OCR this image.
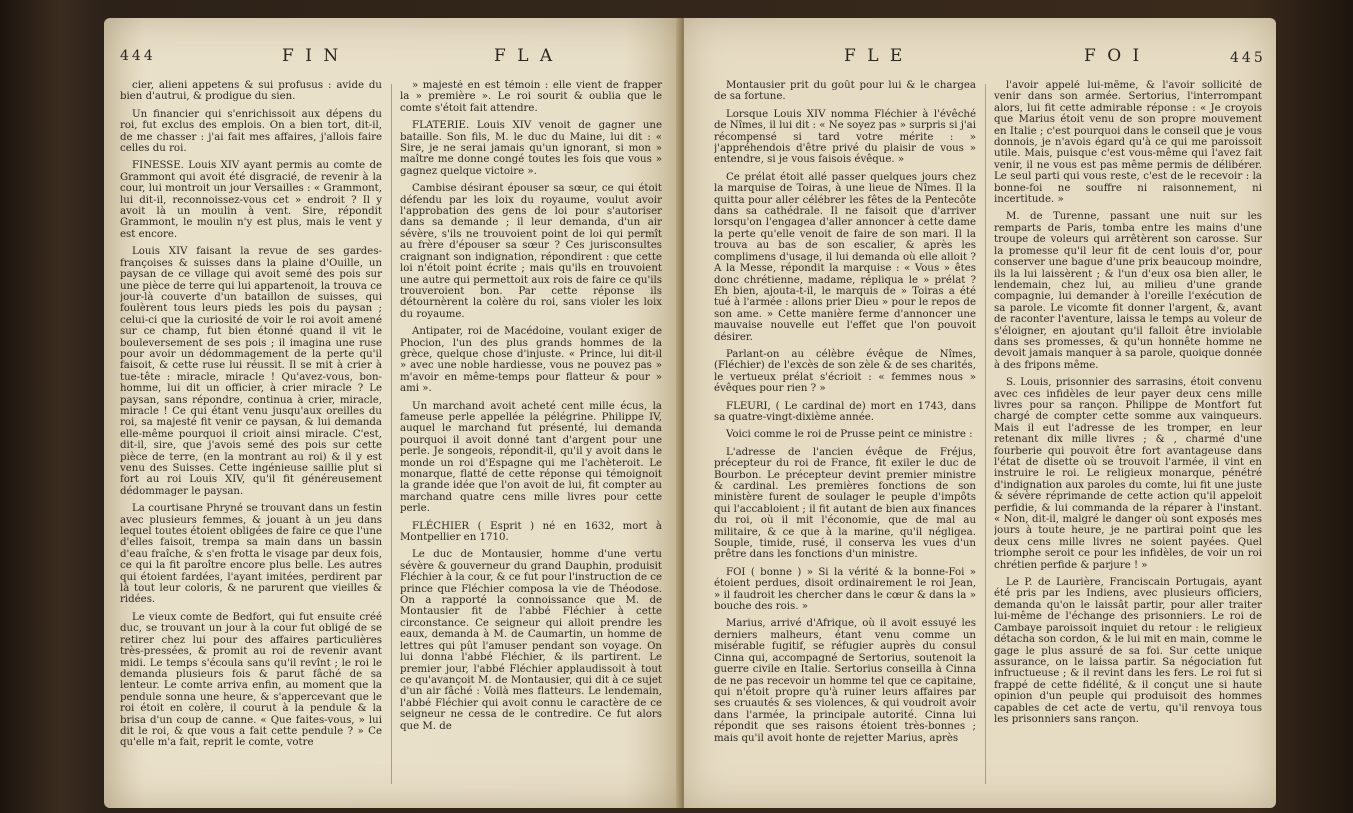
444	F I N	F L A

cier, alieni appetens & sui profusus : avide du bien d'autrui, & prodigue du sien.

Un financier qui s'enrichissoit aux dépens du roi, fut exclus des emplois. On a bien tort, dit-il, de me chasser : j'ai fait mes affaires, j'allois faire celles du roi.

FINESSE. Louis XIV ayant permis au comte de Grammont qui avoit été disgracié, de revenir à la cour, lui montroit un jour Versailles : « Grammont, lui dit-il, reconnoissez-vous cet » endroit ? Il y avoit là un moulin à vent. Sire, répondit Grammont, le moulin n'y est plus, mais le vent y est encore.

Louis XIV faisant la revue de ses gardes-françoises & suisses dans la plaine d'Ouille, un paysan de ce village qui avoit semé des pois sur une pièce de terre qui lui appartenoit, la trouva ce jour-là couverte d'un bataillon de suisses, qui foulèrent tous leurs pieds les pois du paysan ; celui-ci que la curiosité de voir le roi avoit amené sur ce champ, fut bien étonné quand il vit le bouleversement de ses pois ; il imagina une ruse pour avoir un dédommagement de la perte qu'il faisoit, & cette ruse lui réussit. Il se mit à crier à tue-tête : miracle, miracle ! Qu'avez-vous, bon-homme, lui dit un officier, à crier miracle ? Le paysan, sans répondre, continua à crier, miracle, miracle ! Ce qui étant venu jusqu'aux oreilles du roi, sa majesté fit venir ce paysan, & lui demanda elle-même pourquoi il crioit ainsi miracle. C'est, dit-il, sire, que j'avois semé des pois sur cette pièce de terre, (en la montrant au roi) & il y est venu des Suisses. Cette ingénieuse saillie plut si fort au roi Louis XIV, qu'il fit généreusement dédommager le paysan.

La courtisane Phryné se trouvant dans un festin avec plusieurs femmes, & jouant à un jeu dans lequel toutes étoient obligées de faire ce que l'une d'elles faisoit, trempa sa main dans un bassin d'eau fraîche, & s'en frotta le visage par deux fois, ce qui la fit paroître encore plus belle. Les autres qui étoient fardées, l'ayant imitées, perdirent par là tout leur coloris, & ne parurent que vieilles & ridées.

Le vieux comte de Bedfort, qui fut ensuite créé duc, se trouvant un jour à la cour fut obligé de se retirer chez lui pour des affaires particulières très-pressées, & promit au roi de revenir avant midi. Le temps s'écoula sans qu'il revînt ; le roi le demanda plusieurs fois & parut fâché de sa lenteur. Le comte arriva enfin, au moment que la pendule sonna une heure, & s'appercevant que le roi étoit en colère, il courut à la pendule & la brisa d'un coup de canne. « Que faites-vous, » lui dit le roi, & que vous a fait cette pendule ? » Ce qu'elle m'a fait, reprit le comte, votre

» majesté en est témoin : elle vient de frapper la » première ». Le roi sourit & oublia que le comte s'étoit fait attendre.

FLATERIE. Louis XIV venoit de gagner une bataille. Son fils, M. le duc du Maine, lui dit : « Sire, je ne serai jamais qu'un ignorant, si mon » maître me donne congé toutes les fois que vous » gagnez quelque victoire ».

Cambise désirant épouser sa sœur, ce qui étoit défendu par les loix du royaume, voulut avoir l'approbation des gens de loi pour s'autoriser dans sa demande ; il leur demanda, d'un air sévère, s'ils ne trouvoient point de loi qui permît au frère d'épouser sa sœur ? Ces jurisconsultes craignant son indignation, répondirent : que cette loi n'étoit point écrite ; mais qu'ils en trouvoient une autre qui permettoit aux rois de faire ce qu'ils trouveroient bon. Par cette réponse ils détournèrent la colère du roi, sans violer les loix du royaume.

Antipater, roi de Macédoine, voulant exiger de Phocion, l'un des plus grands hommes de la grèce, quelque chose d'injuste. « Prince, lui dit-il » avec une noble hardiesse, vous ne pouvez pas » m'avoir en même-temps pour flatteur & pour » ami ».

Un marchand avoit acheté cent mille écus, la fameuse perle appellée la pélégrine. Philippe IV, auquel le marchand fut présenté, lui demanda pourquoi il avoit donné tant d'argent pour une perle. Je songeois, répondit-il, qu'il y avoit dans le monde un roi d'Espagne qui me l'achèteroit. Le monarque, flatté de cette réponse qui témoignoit la grande idée que l'on avoit de lui, fit compter au marchand quatre cens mille livres pour cette perle.

FLÉCHIER ( Esprit ) né en 1632, mort à Montpellier en 1710.

Le duc de Montausier, homme d'une vertu sévère & gouverneur du grand Dauphin, produisit Fléchier à la cour, & ce fut pour l'instruction de ce prince que Fléchier composa la vie de Théodose. On a rapporté la connoissance que M. de Montausier fit de l'abbé Fléchier à cette circonstance. Ce seigneur qui alloit prendre les eaux, demanda à M. de Caumartin, un homme de lettres qui pût l'amuser pendant son voyage. On lui donna l'abbé Fléchier, & ils partirent. Le premier jour, l'abbé Fléchier applaudissoit à tout ce qu'avançoit M. de Montausier, qui dit à ce sujet d'un air fâché : Voilà mes flatteurs. Le lendemain, l'abbé Fléchier qui avoit connu le caractère de ce seigneur ne cessa de le contredire. Ce fut alors que M. de

F L E	F O I	445

Montausier prit du goût pour lui & le chargea de sa fortune.

Lorsque Louis XIV nomma Fléchier à l'évêché de Nîmes, il lui dit : « Ne soyez pas » surpris si j'ai récompensé si tard votre mérite : » j'appréhendois d'être privé du plaisir de vous » entendre, si je vous faisois évêque. »

Ce prélat étoit allé passer quelques jours chez la marquise de Toiras, à une lieue de Nîmes. Il la quitta pour aller célébrer les fêtes de la Pentecôte dans sa cathédrale. Il ne faisoit que d'arriver lorsqu'on l'engagea d'aller annoncer à cette dame la perte qu'elle venoit de faire de son mari. Il la trouva au bas de son escalier, & après les complimens d'usage, il lui demanda où elle alloit ? A la Messe, répondit la marquise : « Vous » êtes donc chrétienne, madame, répliqua le » prélat ? Eh bien, ajouta-t-il, le marquis de » Toiras a été tué à l'armée : allons prier Dieu » pour le repos de son ame. » Cette manière ferme d'annoncer une mauvaise nouvelle eut l'effet que l'on pouvoit désirer.

Parlant-on au célèbre évêque de Nîmes, (Fléchier) de l'excès de son zèle & de ses charités, le vertueux prélat s'écrioit : « femmes nous » évêques pour rien ? »

FLEURI, ( Le cardinal de) mort en 1743, dans sa quatre-vingt-dixième année.

Voici comme le roi de Prusse peint ce ministre :

L'adresse de l'ancien évêque de Fréjus, précepteur du roi de France, fit exiler le duc de Bourbon. Le précepteur devint premier ministre & cardinal. Les premières fonctions de son ministère furent de soulager le peuple d'impôts qui l'accabloient ; il fit autant de bien aux finances du roi, où il mit l'économie, que de mal au militaire, & ce que à la marine, qu'il négligea. Souple, timide, rusé, il conserva les vues d'un prêtre dans les fonctions d'un ministre.

FOI ( bonne ) » Si la vérité & la bonne-Foi » étoient perdues, disoit ordinairement le roi Jean, » il faudroit les chercher dans le cœur & dans la » bouche des rois. »

Marius, arrivé d'Afrique, où il avoit essuyé les derniers malheurs, étant venu comme un misérable fugitif, se réfugier auprès du consul Cinna qui, accompagné de Sertorius, soutenoit la guerre civile en Italie. Sertorius conseilla à Cinna de ne pas recevoir un homme tel que ce capitaine, qui n'étoit propre qu'à ruiner leurs affaires par ses cruautés & ses violences, & qui voudroit avoir dans l'armée, la principale autorité. Cinna lui répondit que ses raisons étoient très-bonnes ; mais qu'il avoit honte de rejetter Marius, après

l'avoir appelé lui-même, & l'avoir sollicité de venir dans son armée. Sertorius, l'interrompant alors, lui fit cette admirable réponse : « Je croyois que Marius étoit venu de son propre mouvement en Italie ; c'est pourquoi dans le conseil que je vous donnois, je n'avois égard qu'à ce qui me paroissoit utile. Mais, puisque c'est vous-même qui l'avez fait venir, il ne vous est pas même permis de délibérer. Le seul parti qui vous reste, c'est de le recevoir : la bonne-foi ne souffre ni raisonnement, ni incertitude. »

M. de Turenne, passant une nuit sur les remparts de Paris, tomba entre les mains d'une troupe de voleurs qui arrêtèrent son carosse. Sur la promesse qu'il leur fit de cent louis d'or, pour conserver une bague d'une prix beaucoup moindre, ils la lui laissèrent ; & l'un d'eux osa bien aller, le lendemain, chez lui, au milieu d'une grande compagnie, lui demander à l'oreille l'exécution de sa parole. Le vicomte fit donner l'argent, &, avant de raconter l'aventure, laissa le temps au voleur de s'éloigner, en ajoutant qu'il falloit être inviolable dans ses promesses, & qu'un honnête homme ne devoit jamais manquer à sa parole, quoique donnée à des fripons même.

S. Louis, prisonnier des sarrasins, étoit convenu avec ces infidèles de leur payer deux cens mille livres pour sa rançon. Philippe de Montfort fut chargé de compter cette somme aux vainqueurs. Mais il eut l'adresse de les tromper, en leur retenant dix mille livres ; & , charmé d'une fourberie qui pouvoit être fort avantageuse dans l'état de disette où se trouvoit l'armée, il vint en instruire le roi. Le religieux monarque, pénétré d'indignation aux paroles du comte, lui fit une juste & sévère réprimande de cette action qu'il appeloit perfidie, & lui commanda de la réparer à l'instant. « Non, dit-il, malgré le danger où sont exposés mes jours à toute heure, je ne partirai point que les deux cens mille livres ne soient payées. Quel triomphe seroit ce pour les infidèles, de voir un roi chrétien perfide & parjure ! »

Le P. de Laurière, Franciscain Portugais, ayant été pris par les Indiens, avec plusieurs officiers, demanda qu'on le laissât partir, pour aller traiter lui-même de l'échange des prisonniers. Le roi de Cambaye paroissoit inquiet du retour : le religieux détacha son cordon, & le lui mit en main, comme le gage le plus assuré de sa foi. Sur cette unique assurance, on le laissa partir. Sa négociation fut infructueuse ; & il revint dans les fers. Le roi fut si frappé de cette fidélité, & il conçut une si haute opinion d'un peuple qui produisoit des hommes capables de cet acte de vertu, qu'il renvoya tous les prisonniers sans rançon.
